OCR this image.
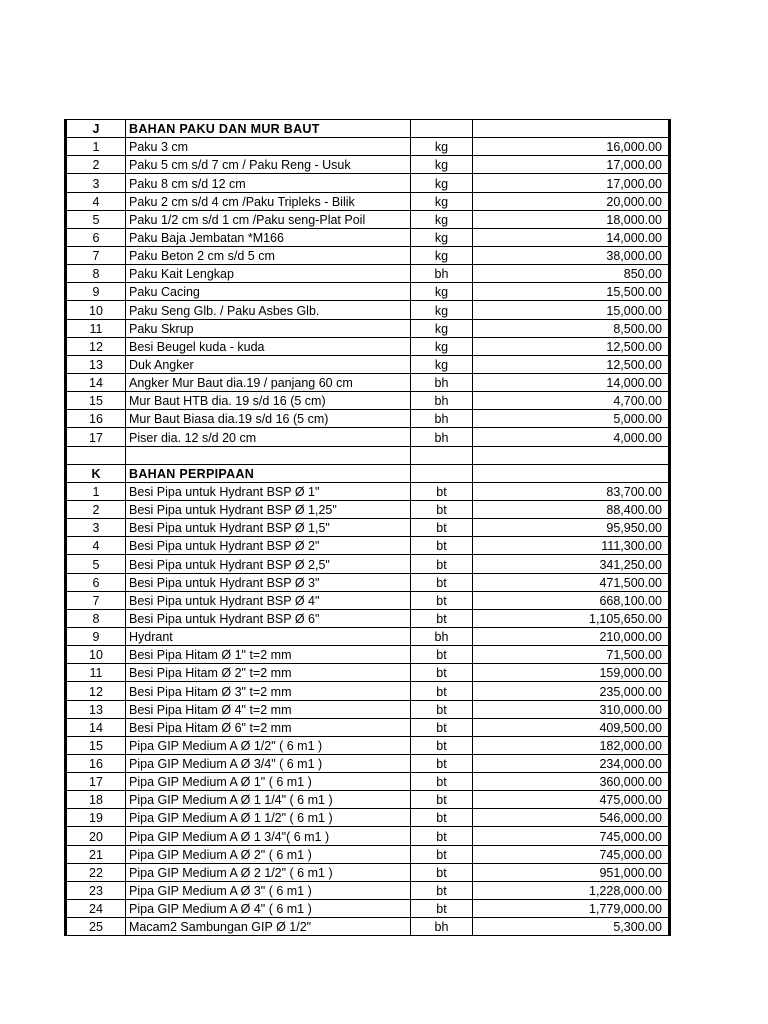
J	BAHAN PAKU DAN MUR BAUT		
1	Paku 3 cm	kg	16,000.00
2	Paku 5 cm s/d 7 cm / Paku Reng - Usuk	kg	17,000.00
3	Paku 8 cm s/d 12 cm	kg	17,000.00
4	Paku 2 cm s/d 4 cm /Paku Tripleks - Bilik	kg	20,000.00
5	Paku 1/2 cm s/d 1 cm /Paku seng-Plat Poil	kg	18,000.00
6	Paku Baja Jembatan *M166	kg	14,000.00
7	Paku Beton 2 cm s/d 5 cm	kg	38,000.00
8	Paku Kait Lengkap	bh	850.00
9	Paku Cacing	kg	15,500.00
10	Paku Seng Glb. / Paku Asbes Glb.	kg	15,000.00
11	Paku Skrup	kg	8,500.00
12	Besi Beugel kuda - kuda	kg	12,500.00
13	Duk Angker	kg	12,500.00
14	Angker Mur Baut dia.19 / panjang 60 cm	bh	14,000.00
15	Mur Baut HTB dia. 19 s/d 16 (5 cm)	bh	4,700.00
16	Mur Baut Biasa dia.19 s/d 16 (5 cm)	bh	5,000.00
17	Piser dia. 12 s/d 20 cm	bh	4,000.00

K	BAHAN PERPIPAAN		
1	Besi Pipa untuk Hydrant BSP Ø 1"	bt	83,700.00
2	Besi Pipa untuk Hydrant BSP Ø 1,25"	bt	88,400.00
3	Besi Pipa untuk Hydrant BSP Ø 1,5"	bt	95,950.00
4	Besi Pipa untuk Hydrant BSP Ø 2"	bt	111,300.00
5	Besi Pipa untuk Hydrant BSP Ø 2,5"	bt	341,250.00
6	Besi Pipa untuk Hydrant BSP Ø 3"	bt	471,500.00
7	Besi Pipa untuk Hydrant BSP Ø 4"	bt	668,100.00
8	Besi Pipa untuk Hydrant BSP Ø 6"	bt	1,105,650.00
9	Hydrant	bh	210,000.00
10	Besi Pipa Hitam Ø 1" t=2 mm	bt	71,500.00
11	Besi Pipa Hitam Ø 2" t=2 mm	bt	159,000.00
12	Besi Pipa Hitam Ø 3" t=2 mm	bt	235,000.00
13	Besi Pipa Hitam Ø 4" t=2 mm	bt	310,000.00
14	Besi Pipa Hitam Ø 6" t=2 mm	bt	409,500.00
15	Pipa GIP Medium A Ø 1/2" ( 6 m1 )	bt	182,000.00
16	Pipa GIP Medium A Ø 3/4" ( 6 m1 )	bt	234,000.00
17	Pipa GIP Medium A Ø 1" ( 6 m1 )	bt	360,000.00
18	Pipa GIP Medium A Ø 1 1/4" ( 6 m1 )	bt	475,000.00
19	Pipa GIP Medium A Ø 1 1/2" ( 6 m1 )	bt	546,000.00
20	Pipa GIP Medium A Ø 1 3/4"( 6 m1 )	bt	745,000.00
21	Pipa GIP Medium A Ø 2" ( 6 m1 )	bt	745,000.00
22	Pipa GIP Medium A Ø 2 1/2" ( 6 m1 )	bt	951,000.00
23	Pipa GIP Medium A Ø 3" ( 6 m1 )	bt	1,228,000.00
24	Pipa GIP Medium A Ø 4" ( 6 m1 )	bt	1,779,000.00
25	Macam2 Sambungan GIP Ø 1/2"	bh	5,300.00
